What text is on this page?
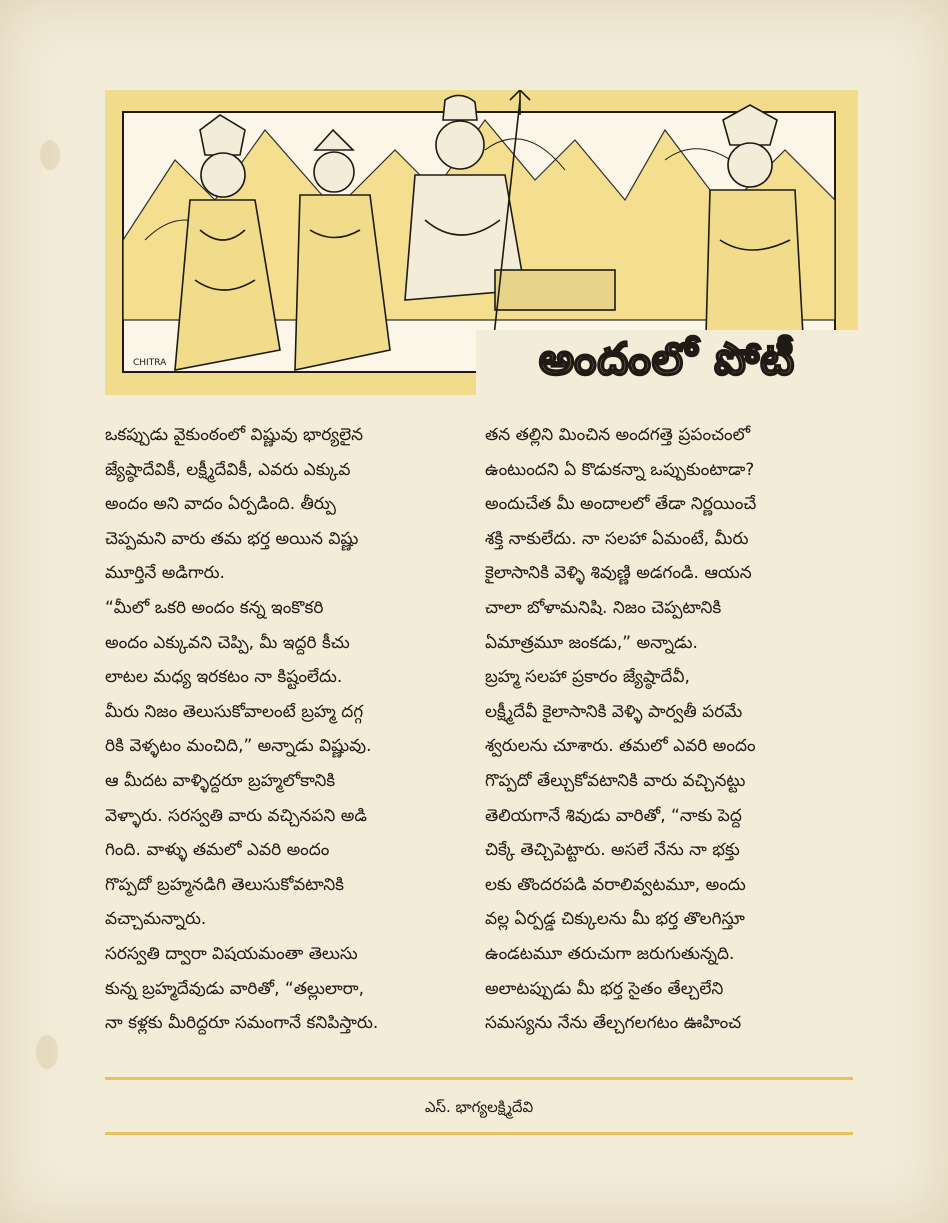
CHITRA	అందంలో పోటీ
ఒకప్పుడు వైకుంఠంలో విష్ణువు భార్యలైన
జ్యేష్ఠాదేవికీ, లక్ష్మీదేవికీ, ఎవరు ఎక్కువ
అందం అని వాదం ఏర్పడింది. తీర్పు
చెప్పమని వారు తమ భర్త అయిన విష్ణు
మూర్తినే అడిగారు.
“మీలో ఒకరి అందం కన్న ఇంకొకరి
అందం ఎక్కువని చెప్పి, మీ ఇద్దరి కీచు
లాటల మధ్య ఇరకటం నా కిష్టంలేదు.
మీరు నిజం తెలుసుకోవాలంటే బ్రహ్మ దగ్గ
రికి వెళ్ళటం మంచిది,” అన్నాడు విష్ణువు.
ఆ మీదట వాళ్ళిద్దరూ బ్రహ్మలోకానికి
వెళ్ళారు. సరస్వతి వారు వచ్చినపని అడి
గింది. వాళ్ళు తమలో ఎవరి అందం
గొప్పదో బ్రహ్మనడిగి తెలుసుకోవటానికి
వచ్చామన్నారు.
సరస్వతి ద్వారా విషయమంతా తెలుసు
కున్న బ్రహ్మదేవుడు వారితో, “తల్లులారా,
నా కళ్లకు మీరిద్దరూ సమంగానే కనిపిస్తారు.
తన తల్లిని మించిన అందగత్తె ప్రపంచంలో
ఉంటుందని ఏ కొడుకన్నా ఒప్పుకుంటాడా?
అందుచేత మీ అందాలలో తేడా నిర్ణయించే
శక్తి నాకులేదు. నా సలహా ఏమంటే, మీరు
కైలాసానికి వెళ్ళి శివుణ్ణి అడగండి. ఆయన
చాలా బోళామనిషి. నిజం చెప్పటానికి
ఏమాత్రమూ జంకడు,” అన్నాడు.
బ్రహ్మ సలహా ప్రకారం జ్యేష్ఠాదేవీ,
లక్ష్మీదేవీ కైలాసానికి వెళ్ళి పార్వతీ పరమే
శ్వరులను చూశారు. తమలో ఎవరి అందం
గొప్పదో తేల్చుకోవటానికి వారు వచ్చినట్టు
తెలియగానే శివుడు వారితో, “నాకు పెద్ద
చిక్కే తెచ్చిపెట్టారు. అసలే నేను నా భక్తు
లకు తొందరపడి వరాలివ్వటమూ, అందు
వల్ల ఏర్పడ్డ చిక్కులను మీ భర్త తొలగిస్తూ
ఉండటమూ తరుచుగా జరుగుతున్నది.
అలాటప్పుడు మీ భర్త సైతం తేల్చలేని
సమస్యను నేను తేల్చగలగటం ఊహించ
ఎస్. భాగ్యలక్ష్మిదేవి
